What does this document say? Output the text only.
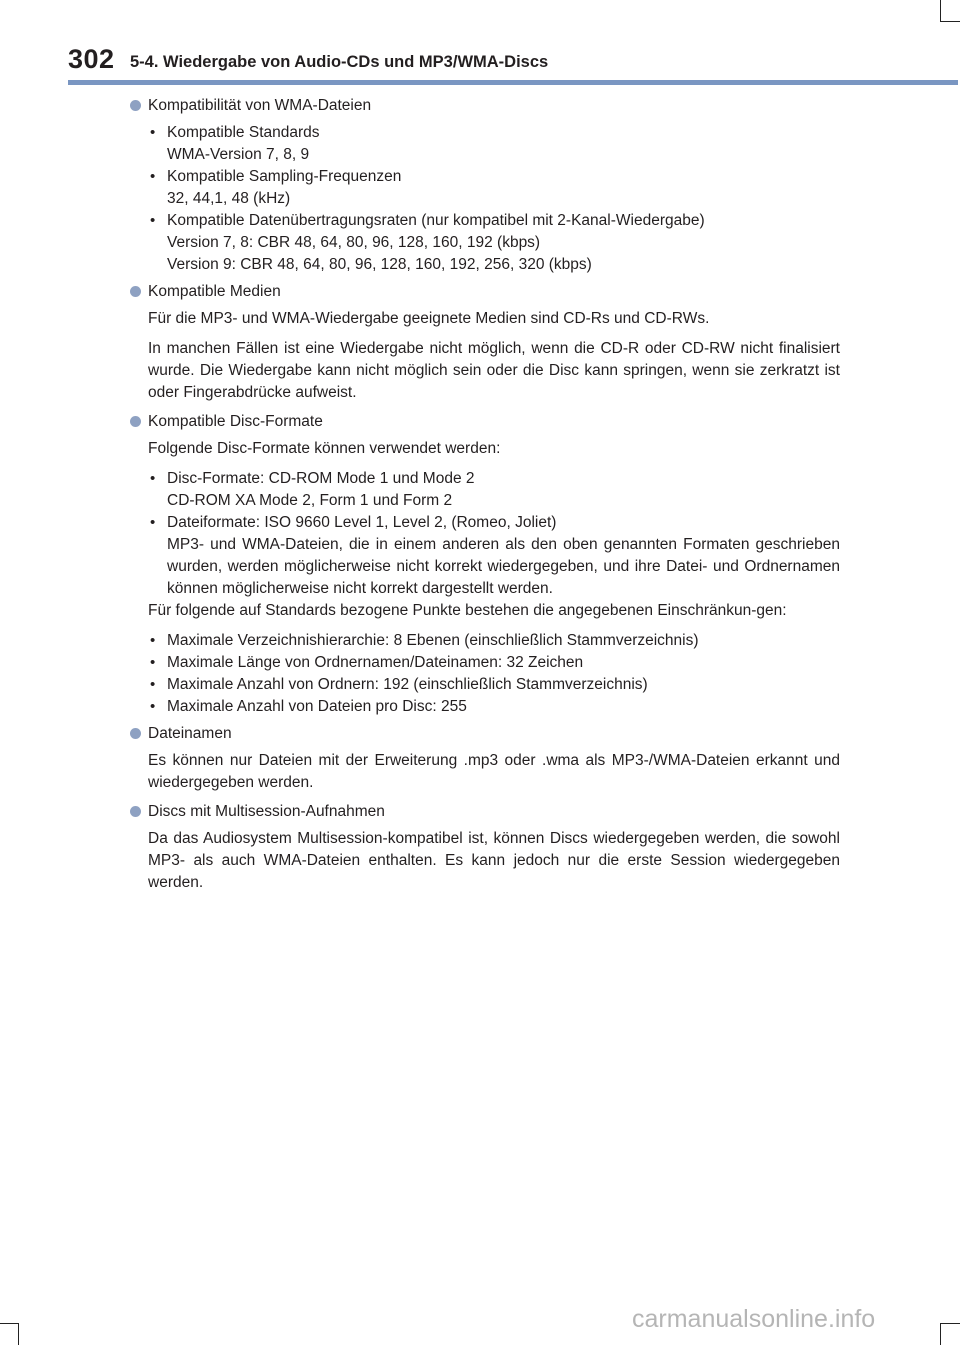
302 5-4. Wiedergabe von Audio-CDs und MP3/WMA-Discs
Kompatibilität von WMA-Dateien
• Kompatible Standards
WMA-Version 7, 8, 9
• Kompatible Sampling-Frequenzen
32, 44,1, 48 (kHz)
• Kompatible Datenübertragungsraten (nur kompatibel mit 2-Kanal-Wiedergabe)
Version 7, 8: CBR 48, 64, 80, 96, 128, 160, 192 (kbps)
Version 9: CBR 48, 64, 80, 96, 128, 160, 192, 256, 320 (kbps)
Kompatible Medien

Für die MP3- und WMA-Wiedergabe geeignete Medien sind CD-Rs und CD-RWs.

In manchen Fällen ist eine Wiedergabe nicht möglich, wenn die CD-R oder CD-RW nicht finalisiert wurde. Die Wiedergabe kann nicht möglich sein oder die Disc kann springen, wenn sie zerkratzt ist oder Fingerabdrücke aufweist.

Kompatible Disc-Formate

Folgende Disc-Formate können verwendet werden:

• Disc-Formate: CD-ROM Mode 1 und Mode 2
CD-ROM XA Mode 2, Form 1 und Form 2
• Dateiformate: ISO 9660 Level 1, Level 2, (Romeo, Joliet)
MP3- und WMA-Dateien, die in einem anderen als den oben genannten Formaten geschrieben wurden, werden möglicherweise nicht korrekt wiedergegeben, und ihre Datei- und Ordnernamen können möglicherweise nicht korrekt dargestellt werden.

Für folgende auf Standards bezogene Punkte bestehen die angegebenen Einschränkun-gen:

• Maximale Verzeichnishierarchie: 8 Ebenen (einschließlich Stammverzeichnis)
• Maximale Länge von Ordnernamen/Dateinamen: 32 Zeichen
• Maximale Anzahl von Ordnern: 192 (einschließlich Stammverzeichnis)
• Maximale Anzahl von Dateien pro Disc: 255
Dateinamen

Es können nur Dateien mit der Erweiterung .mp3 oder .wma als MP3-/WMA-Dateien erkannt und wiedergegeben werden.

Discs mit Multisession-Aufnahmen

Da das Audiosystem Multisession-kompatibel ist, können Discs wiedergegeben werden, die sowohl MP3- als auch WMA-Dateien enthalten. Es kann jedoch nur die erste Session wiedergegeben werden.

carmanualsonline.info
